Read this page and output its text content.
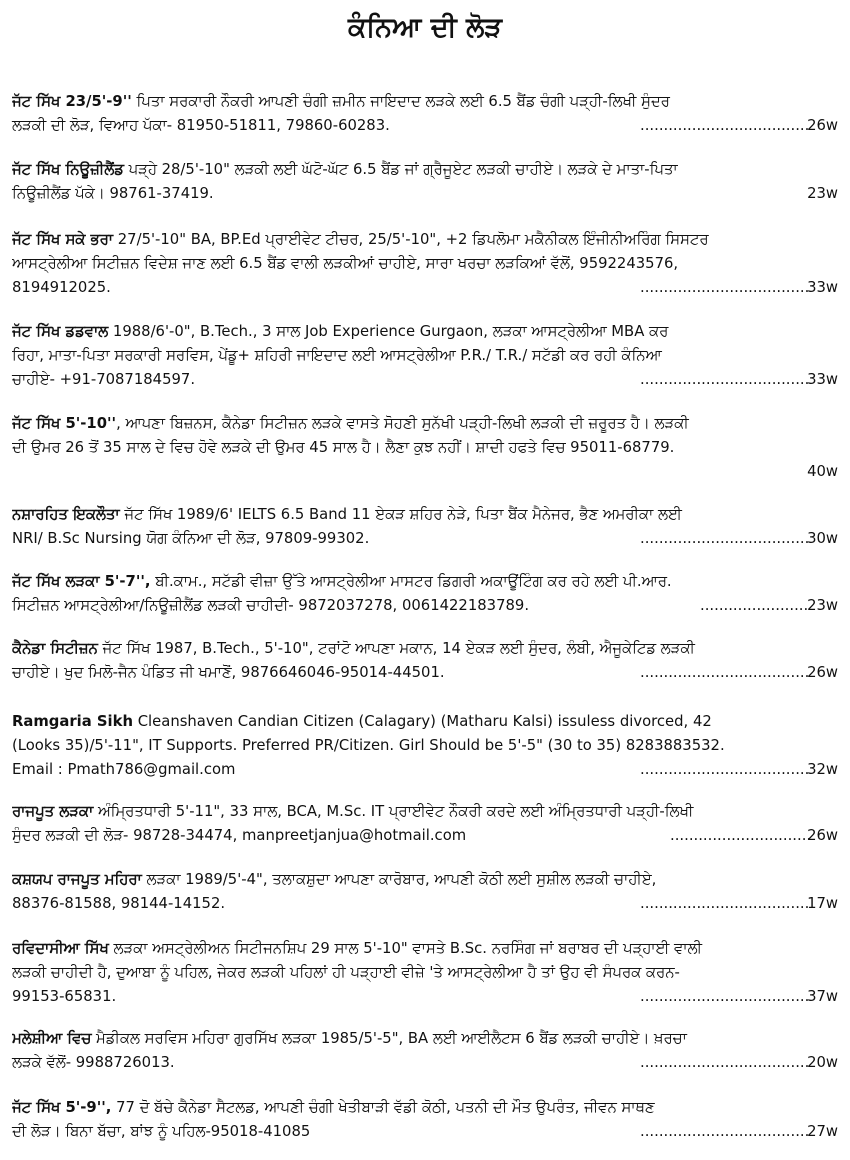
ਕੰਨਿਆ ਦੀ ਲੋੜ
ਜੱਟ ਸਿੱਖ 23/5'-9'' ਪਿਤਾ ਸਰਕਾਰੀ ਨੌਕਰੀ ਆਪਣੀ ਚੰਗੀ ਜ਼ਮੀਨ ਜਾਇਦਾਦ ਲੜਕੇ ਲਈ 6.5 ਬੈਂਡ ਚੰਗੀ ਪੜ੍ਹੀ-ਲਿਖੀ ਸੁੰਦਰ
ਲੜਕੀ ਦੀ ਲੋੜ, ਵਿਆਹ ਪੱਕਾ- 81950-51811, 79860-60283. .....	26w
ਜੱਟ ਸਿੱਖ ਨਿਊਜ਼ੀਲੈਂਡ ਪੜ੍ਹੇ 28/5'-10" ਲੜਕੀ ਲਈ ਘੱਟੋ-ਘੱਟ 6.5 ਬੈਂਡ ਜਾਂ ਗ੍ਰੈਜੂਏਟ ਲੜਕੀ ਚਾਹੀਏ। ਲੜਕੇ ਦੇ ਮਾਤਾ-ਪਿਤਾ
ਨਿਊਜ਼ੀਲੈਂਡ ਪੱਕੇ। 98761-37419.	23w
ਜੱਟ ਸਿੱਖ ਸਕੇ ਭਰਾ 27/5'-10" BA, BP.Ed ਪ੍ਰਾਈਵੇਟ ਟੀਚਰ, 25/5'-10", +2 ਡਿਪਲੋਮਾ ਮਕੈਨੀਕਲ ਇੰਜੀਨੀਅਰਿੰਗ ਸਿਸਟਰ
ਆਸਟ੍ਰੇਲੀਆ ਸਿਟੀਜ਼ਨ ਵਿਦੇਸ਼ ਜਾਣ ਲਈ 6.5 ਬੈਂਡ ਵਾਲੀ ਲੜਕੀਆਂ ਚਾਹੀਏ, ਸਾਰਾ ਖਰਚਾ ਲੜਕਿਆਂ ਵੱਲੋਂ, 9592243576,
8194912025. .....	33w
ਜੱਟ ਸਿੱਖ ਡਡਵਾਲ 1988/6'-0", B.Tech., 3 ਸਾਲ Job Experience Gurgaon, ਲੜਕਾ ਆਸਟ੍ਰੇਲੀਆ MBA ਕਰ
ਰਿਹਾ, ਮਾਤਾ-ਪਿਤਾ ਸਰਕਾਰੀ ਸਰਵਿਸ, ਪੇਂਡੂ+ ਸ਼ਹਿਰੀ ਜਾਇਦਾਦ ਲਈ ਆਸਟ੍ਰੇਲੀਆ P.R./ T.R./ ਸਟੱਡੀ ਕਰ ਰਹੀ ਕੰਨਿਆ
ਚਾਹੀਏ- +91-7087184597. .....	33w
ਜੱਟ ਸਿੱਖ 5'-10'', ਆਪਣਾ ਬਿਜ਼ਨਸ, ਕੈਨੇਡਾ ਸਿਟੀਜ਼ਨ ਲੜਕੇ ਵਾਸਤੇ ਸੋਹਣੀ ਸੁਨੱਖੀ ਪੜ੍ਹੀ-ਲਿਖੀ ਲੜਕੀ ਦੀ ਜ਼ਰੂਰਤ ਹੈ। ਲੜਕੀ
ਦੀ ਉਮਰ 26 ਤੋਂ 35 ਸਾਲ ਦੇ ਵਿਚ ਹੋਵੇ ਲੜਕੇ ਦੀ ਉਮਰ 45 ਸਾਲ ਹੈ। ਲੈਣਾ ਕੁਝ ਨਹੀਂ। ਸ਼ਾਦੀ ਹਫਤੇ ਵਿਚ 95011-68779.
40w
ਨਸ਼ਾਰਹਿਤ ਇਕਲੌਤਾ ਜੱਟ ਸਿੱਖ 1989/6' IELTS 6.5 Band 11 ਏਕੜ ਸ਼ਹਿਰ ਨੇੜੇ, ਪਿਤਾ ਬੈਂਕ ਮੈਨੇਜਰ, ਭੈਣ ਅਮਰੀਕਾ ਲਈ
NRI/ B.Sc Nursing ਯੋਗ ਕੰਨਿਆ ਦੀ ਲੋੜ, 97809-99302. .....	30w
ਜੱਟ ਸਿੱਖ ਲੜਕਾ 5'-7'', ਬੀ.ਕਾਮ., ਸਟੱਡੀ ਵੀਜ਼ਾ ਉੱਤੇ ਆਸਟ੍ਰੇਲੀਆ ਮਾਸਟਰ ਡਿਗਰੀ ਅਕਾਊਂਟਿੰਗ ਕਰ ਰਹੇ ਲਈ ਪੀ.ਆਰ.
ਸਿਟੀਜ਼ਨ ਆਸਟ੍ਰੇਲੀਆ/ਨਿਊਜ਼ੀਲੈਂਡ ਲੜਕੀ ਚਾਹੀਦੀ- 9872037278, 0061422183789. .....	23w
ਕੈਨੇਡਾ ਸਿਟੀਜ਼ਨ ਜੱਟ ਸਿੱਖ 1987, B.Tech., 5'-10", ਟਰਾਂਟੋ ਆਪਣਾ ਮਕਾਨ, 14 ਏਕੜ ਲਈ ਸੁੰਦਰ, ਲੰਬੀ, ਐਜੂਕੇਟਿਡ ਲੜਕੀ
ਚਾਹੀਏ। ਖੁਦ ਮਿਲੋ-ਜੈਨ ਪੰਡਿਤ ਜੀ ਖਮਾਣੋਂ, 9876646046-95014-44501. .....	26w
Ramgaria Sikh Cleanshaven Candian Citizen (Calagary) (Matharu Kalsi) issuless divorced, 42
(Looks 35)/5'-11", IT Supports. Preferred PR/Citizen. Girl Should be 5'-5" (30 to 35) 8283883532.
Email : Pmath786@gmail.com .....	32w
ਰਾਜਪੂਤ ਲੜਕਾ ਅੰਮ੍ਰਿਤਧਾਰੀ 5'-11", 33 ਸਾਲ, BCA, M.Sc. IT ਪ੍ਰਾਈਵੇਟ ਨੌਕਰੀ ਕਰਦੇ ਲਈ ਅੰਮ੍ਰਿਤਧਾਰੀ ਪੜ੍ਹੀ-ਲਿਖੀ
ਸੁੰਦਰ ਲੜਕੀ ਦੀ ਲੋੜ- 98728-34474, manpreetjanjua@hotmail.com .....	26w
ਕਸ਼ਯਪ ਰਾਜਪੂਤ ਮਹਿਰਾ ਲੜਕਾ 1989/5'-4", ਤਲਾਕਸ਼ੁਦਾ ਆਪਣਾ ਕਾਰੋਬਾਰ, ਆਪਣੀ ਕੋਠੀ ਲਈ ਸੁਸ਼ੀਲ ਲੜਕੀ ਚਾਹੀਏ,
88376-81588, 98144-14152. .....	17w
ਰਵਿਦਾਸੀਆ ਸਿੱਖ ਲੜਕਾ ਅਸਟ੍ਰੇਲੀਅਨ ਸਿਟੀਜਨਸ਼ਿਪ 29 ਸਾਲ 5'-10" ਵਾਸਤੇ B.Sc. ਨਰਸਿੰਗ ਜਾਂ ਬਰਾਬਰ ਦੀ ਪੜ੍ਹਾਈ ਵਾਲੀ
ਲੜਕੀ ਚਾਹੀਦੀ ਹੈ, ਦੁਆਬਾ ਨੂੰ ਪਹਿਲ, ਜੇਕਰ ਲੜਕੀ ਪਹਿਲਾਂ ਹੀ ਪੜ੍ਹਾਈ ਵੀਜ਼ੇ 'ਤੇ ਆਸਟ੍ਰੇਲੀਆ ਹੈ ਤਾਂ ਉਹ ਵੀ ਸੰਪਰਕ ਕਰਨ-
99153-65831. .....	37w
ਮਲੇਸ਼ੀਆ ਵਿਚ ਮੈਡੀਕਲ ਸਰਵਿਸ ਮਹਿਰਾ ਗੁਰਸਿੱਖ ਲੜਕਾ 1985/5'-5", BA ਲਈ ਆਈਲੈਟਸ 6 ਬੈਂਡ ਲੜਕੀ ਚਾਹੀਏ। ਖ਼ਰਚਾ
ਲੜਕੇ ਵੱਲੋਂ- 9988726013. .....	20w
ਜੱਟ ਸਿੱਖ 5'-9'', 77 ਦੋ ਬੱਚੇ ਕੈਨੇਡਾ ਸੈਟਲਡ, ਆਪਣੀ ਚੰਗੀ ਖੇਤੀਬਾੜੀ ਵੱਡੀ ਕੋਠੀ, ਪਤਨੀ ਦੀ ਮੌਤ ਉਪਰੰਤ, ਜੀਵਨ ਸਾਥਣ
ਦੀ ਲੋੜ। ਬਿਨਾ ਬੱਚਾ, ਬਾਂਝ ਨੂੰ ਪਹਿਲ-95018-41085 .....	27w
